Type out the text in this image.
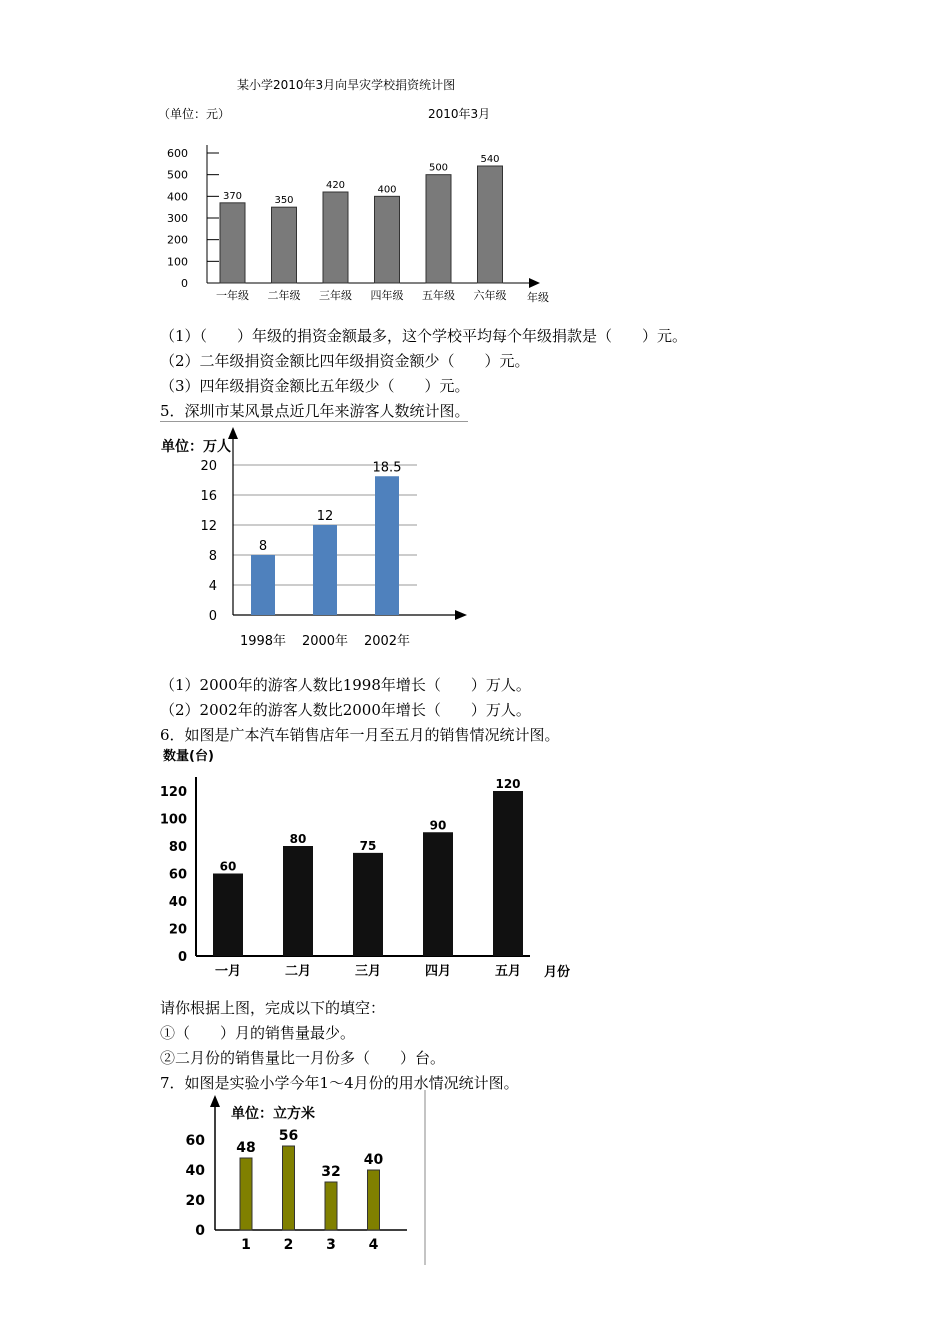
某小学2010年3月向旱灾学校捐资统计图
（单位：元）	2010年3月
0
100
200
300
400
500
600
370
一年级
350
二年级
420
三年级
400
四年级
500
五年级
540
六年级 年级
（1）（　　）年级的捐资金额最多，这个学校平均每个年级捐款是（　　）元。
（2）二年级捐资金额比四年级捐资金额少（　　）元。
（3）四年级捐资金额比五年级少（　　）元。
5．深圳市某风景点近几年来游客人数统计图。
单位：万人
0
4
8
12
16
20
8
1998年
12
2000年
18.5
2002年
（1）2000年的游客人数比1998年增长（　　）万人。
（2）2002年的游客人数比2000年增长（　　）万人。
6．如图是广本汽车销售店年一月至五月的销售情况统计图。
数量(台)
0
20
40
60
80
100
120
60
一月
80
二月
75
三月
90
四月
120
五月 月份
请你根据上图，完成以下的填空：
①（　　）月的销售量最少。
②二月份的销售量比一月份多（　　）台。
7．如图是实验小学今年1～4月份的用水情况统计图。
单位：立方米
0
20
40
60 48
1
56
2
32
3
40
4
